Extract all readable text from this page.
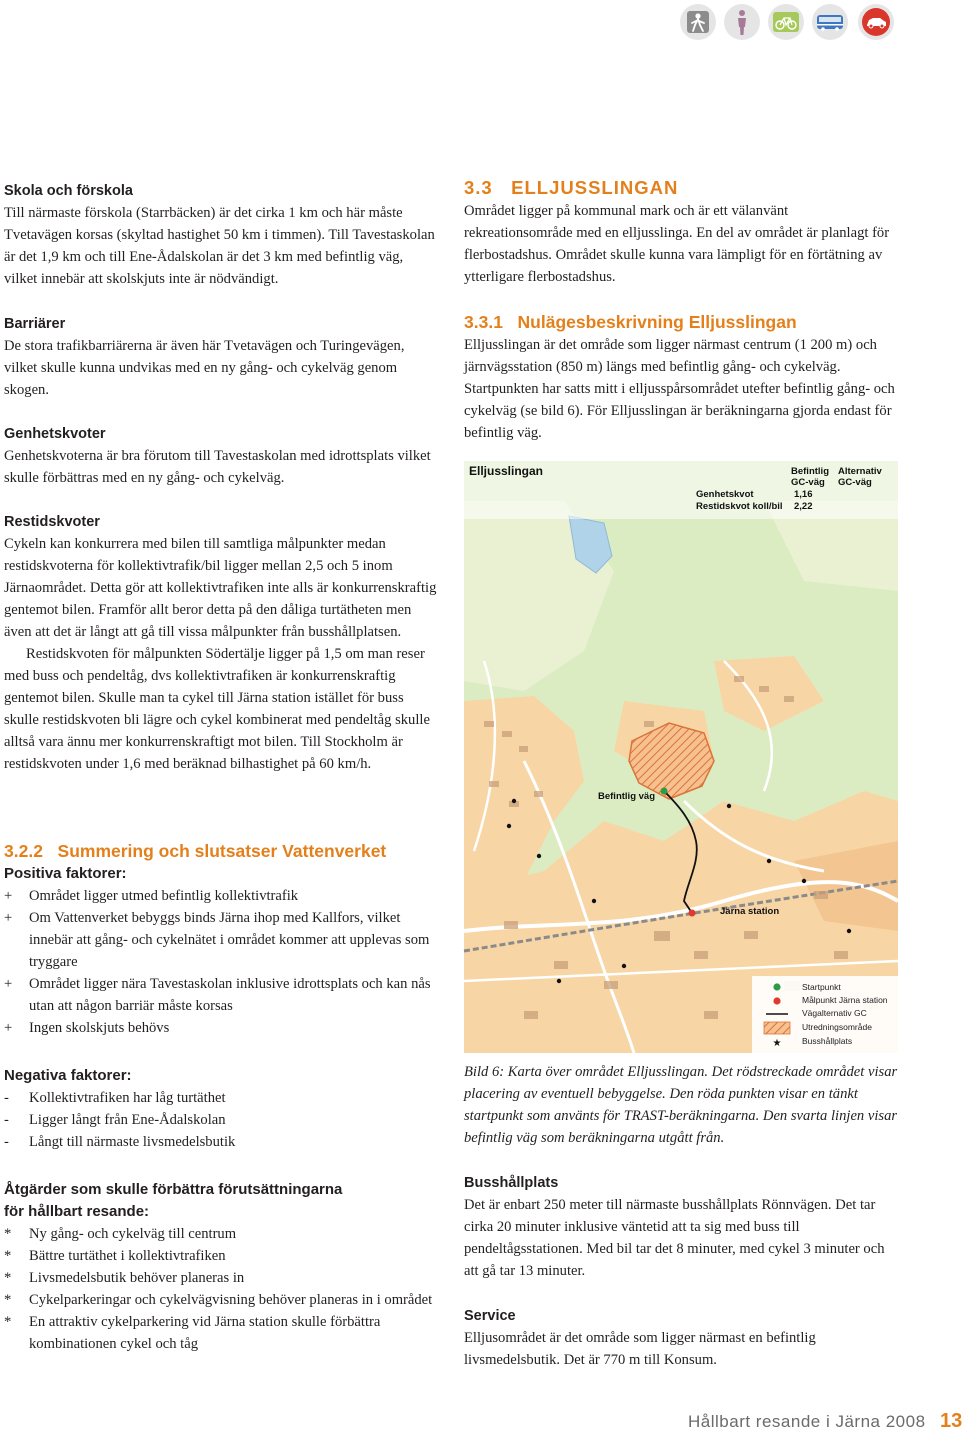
Skola och förskola

Till närmaste förskola (Starrbäcken) är det cirka 1 km och här måste Tvetavägen korsas (skyltad hastighet 50 km i timmen). Till Tavestaskolan är det 1,9 km och till Ene-Ådalskolan är det 3 km med befintlig väg, vilket innebär att skolskjuts inte är nödvändigt.

Barriärer

De stora trafikbarriärerna är även här Tvetavägen och Turingevägen, vilket skulle kunna undvikas med en ny gång- och cykelväg genom skogen.

Genhetskvoter

Genhetskvoterna är bra förutom till Tavestaskolan med idrottsplats vilket skulle förbättras med en ny gång- och cykelväg.

Restidskvoter

Cykeln kan konkurrera med bilen till samtliga målpunkter medan restidskvoterna för kollektivtrafik/bil ligger mellan 2,5 och 5 inom Järnaområdet. Detta gör att kollektivtrafiken inte alls är konkurrenskraftig gentemot bilen. Framför allt beror detta på den dåliga turtätheten men även att det är långt att gå till vissa målpunkter från busshållplatsen.

Restidskvoten för målpunkten Södertälje ligger på 1,5 om man reser med buss och pendeltåg, dvs kollektivtrafiken är konkurrenskraftig gentemot bilen. Skulle man ta cykel till Järna station istället för buss skulle restidskvoten bli lägre och cykel kombinerat med pendeltåg skulle alltså vara ännu mer konkurrenskraftigt mot bilen. Till Stockholm är restidskvoten under 1,6 med beräknad bilhastighet på 60 km/h.

3.2.2 Summering och slutsatser Vattenverket

Positiva faktorer:
+ Området ligger utmed befintlig kollektivtrafik
+ Om Vattenverket bebyggs binds Järna ihop med Kallfors, vilket innebär att gång- och cykelnätet i området kommer att upplevas som tryggare
+ Området ligger nära Tavestaskolan inklusive idrottsplats och kan nås utan att någon barriär måste korsas
+ Ingen skolskjuts behövs
Negativa faktorer:
- Kollektivtrafiken har låg turtäthet
- Ligger långt från Ene-Ådalskolan
- Långt till närmaste livsmedelsbutik
Åtgärder som skulle förbättra förutsättningarna
för hållbart resande:
* Ny gång- och cykelväg till centrum
* Bättre turtäthet i kollektivtrafiken
* Livsmedelsbutik behöver planeras in
* Cykelparkeringar och cykelvägvisning behöver planeras in i området
* En attraktiv cykelparkering vid Järna station skulle förbättra kombinationen cykel och tåg

3.3 ELLJUSSLINGAN

Området ligger på kommunal mark och är ett välanvänt rekreationsområde med en elljusslinga. En del av området är planlagt för flerbostadshus. Området skulle kunna vara lämpligt för en förtätning av ytterligare flerbostadshus.

3.3.1 Nulägesbeskrivning Elljusslingan

Elljusslingan är det område som ligger närmast centrum (1 200 m) och järnvägsstation (850 m) längs med befintlig gång- och cykelväg. Startpunkten har satts mitt i elljusspårsområdet utefter befintlig gång- och cykelväg (se bild 6). För Elljusslingan är beräkningarna gjorda endast för befintlig väg.

★
Elljusslingan	Befintlig
GC-väg
Alternativ
GC-väg
Genhetskvot	1,16
Restidskvot koll/bil 2,22
Befintlig väg
Järna station
Startpunkt
Målpunkt Järna station
Vägalternativ GC
Utredningsområde
Busshållplats

Bild 6: Karta över området Elljusslingan. Det rödstreckade området visar placering av eventuell bebyggelse. Den röda punkten visar en tänkt startpunkt som använts för TRAST-beräkningarna. Den svarta linjen visar befintlig väg som beräkningarna utgått från.

Busshållplats

Det är enbart 250 meter till närmaste busshållplats Rönnvägen. Det tar cirka 20 minuter inklusive väntetid att ta sig med buss till pendeltågsstationen. Med bil tar det 8 minuter, med cykel 3 minuter och att gå tar 13 minuter.

Service

Elljusområdet är det område som ligger närmast en befintlig livsmedelsbutik. Det är 770 m till Konsum.

Hållbart resande i Järna 2008 13
